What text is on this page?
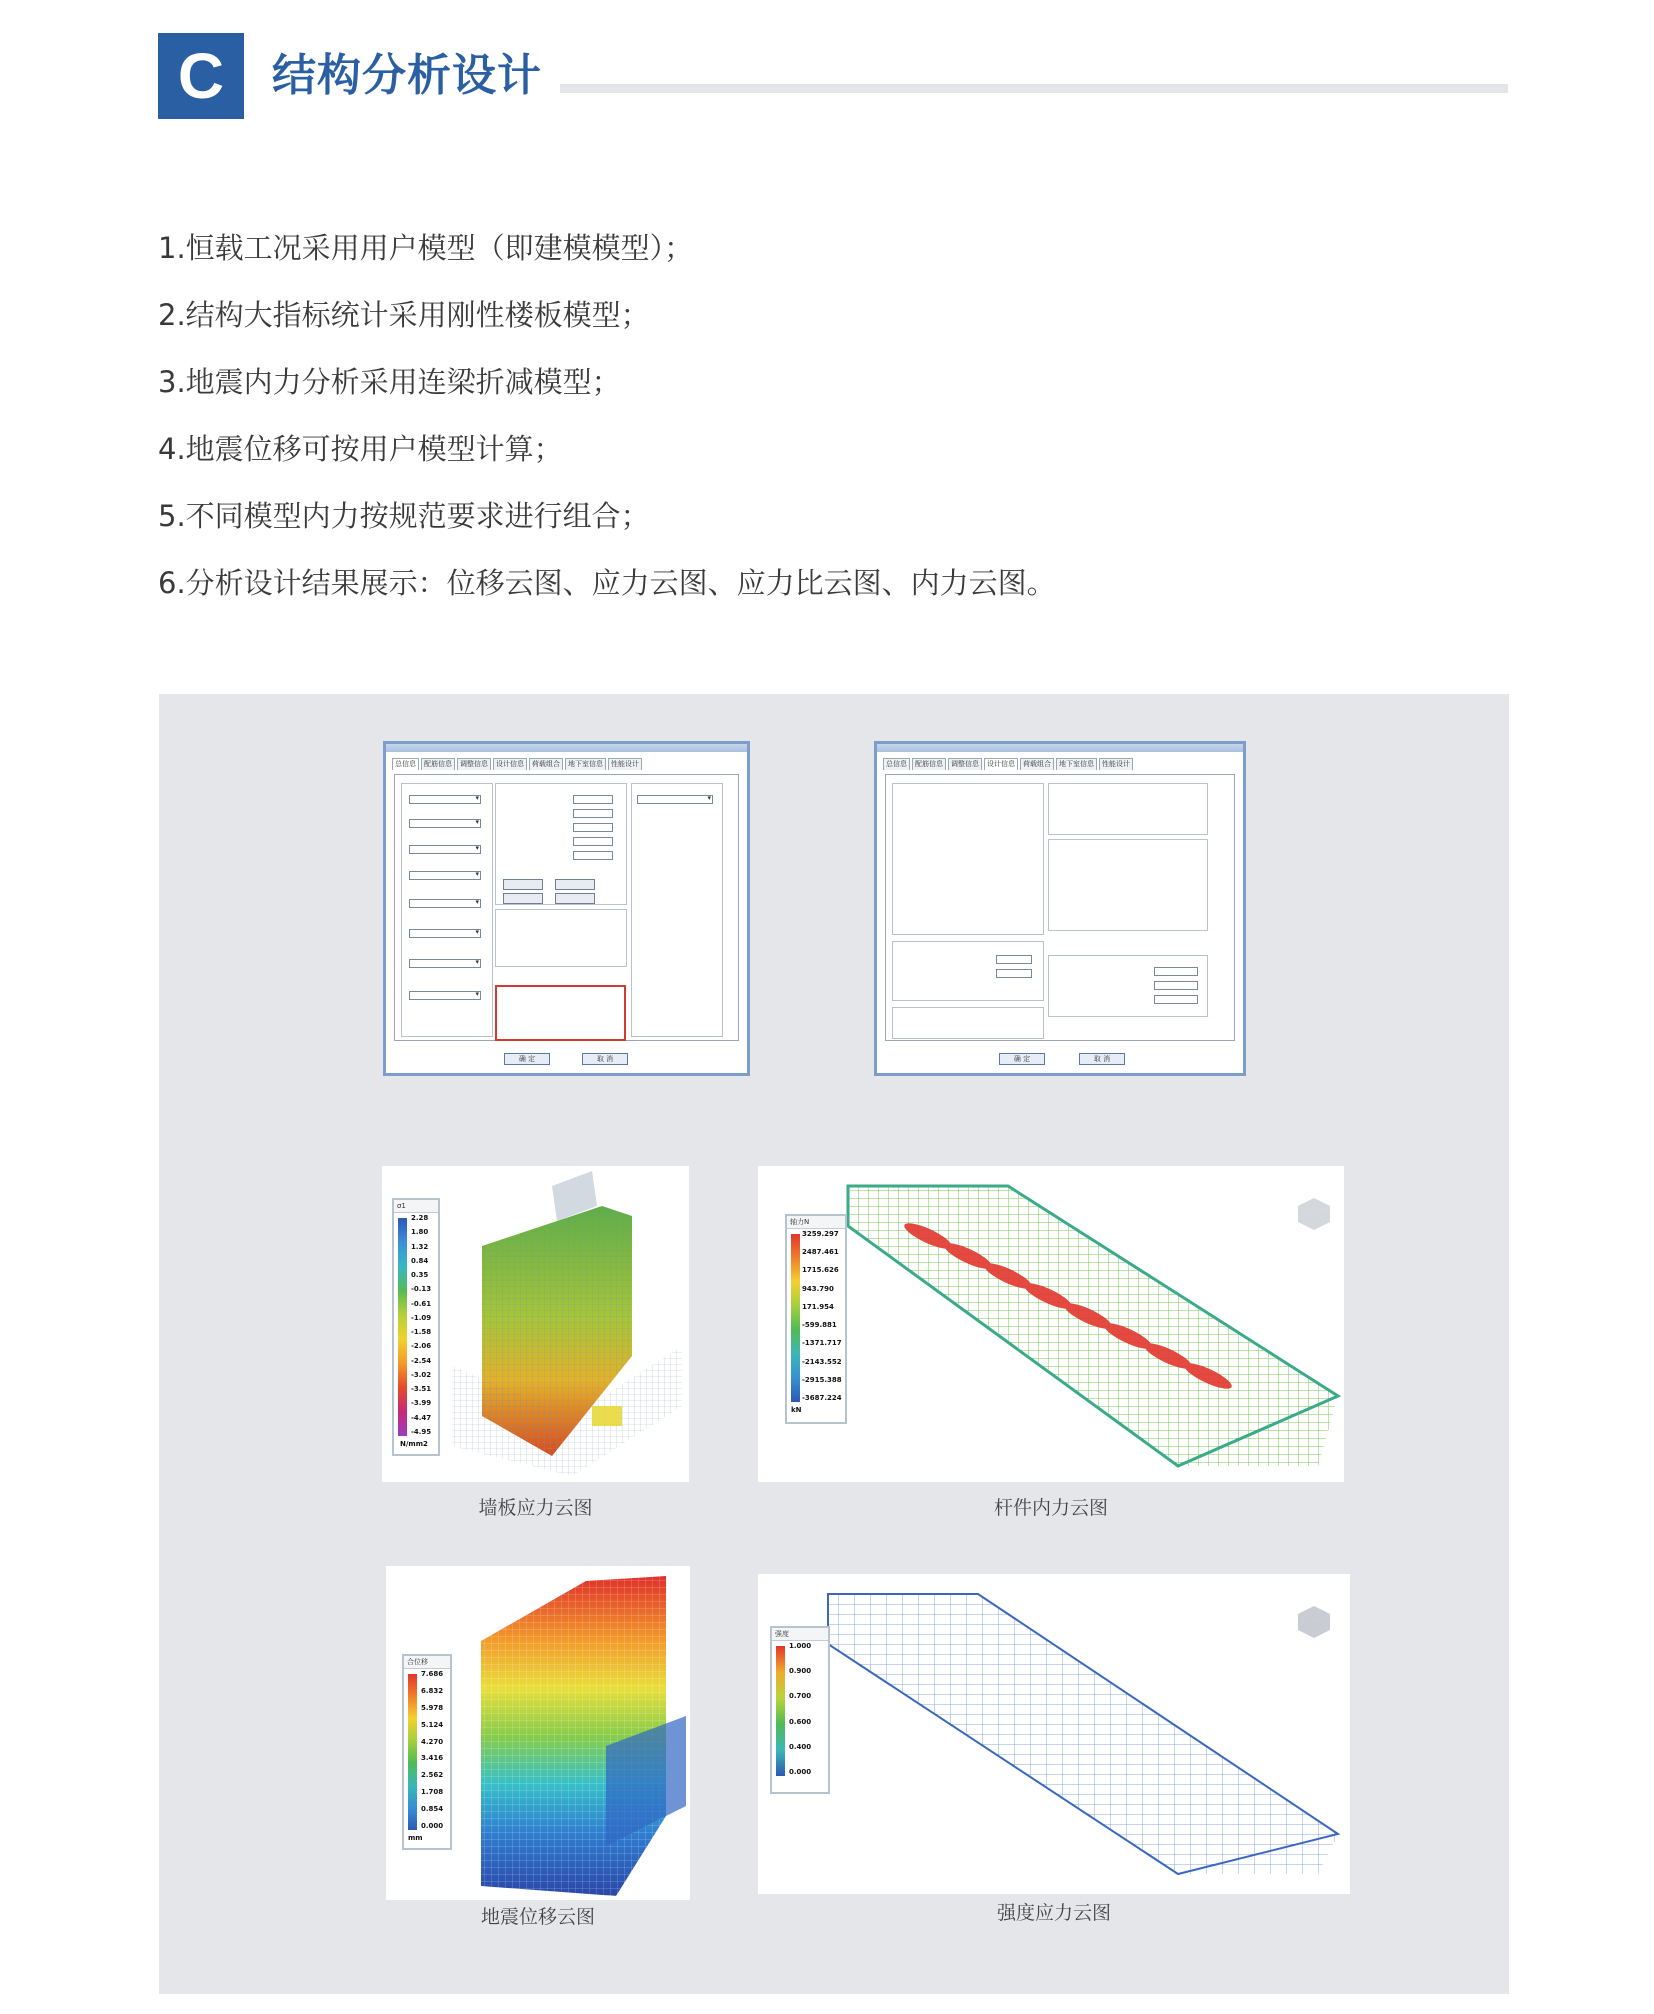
C	结构分析设计
1.恒载工况采用用户模型（即建模模型）；
2.结构大指标统计采用刚性楼板模型；
3.地震内力分析采用连梁折减模型；
4.地震位移可按用户模型计算；
5.不同模型内力按规范要求进行组合；
6.分析设计结果展示：位移云图、应力云图、应力比云图、内力云图。
总信息	配筋信息	调整信息	设计信息	荷载组合	地下室信息	性能设计
▾
▾
▾
▾
▾
▾
▾
▾
▾
确 定	取 消
总信息	配筋信息	调整信息	设计信息	荷载组合	地下室信息	性能设计
确 定	取 消
σ1
2.28
1.80
1.32
0.84
0.35
-0.13
-0.61
-1.09
-1.58
-2.06
-2.54
-3.02
-3.51
-3.99
-4.47
-4.95
N/mm2
墙板应力云图
轴力N
3259.297
2487.461
1715.626
943.790
171.954
-599.881
-1371.717
-2143.552
-2915.388
-3687.224
kN
杆件内力云图
合位移
7.686
6.832
5.978
5.124
4.270
3.416
2.562
1.708
0.854
0.000
mm
地震位移云图
强度
1.000
0.900
0.700
0.600
0.400
0.000
强度应力云图
